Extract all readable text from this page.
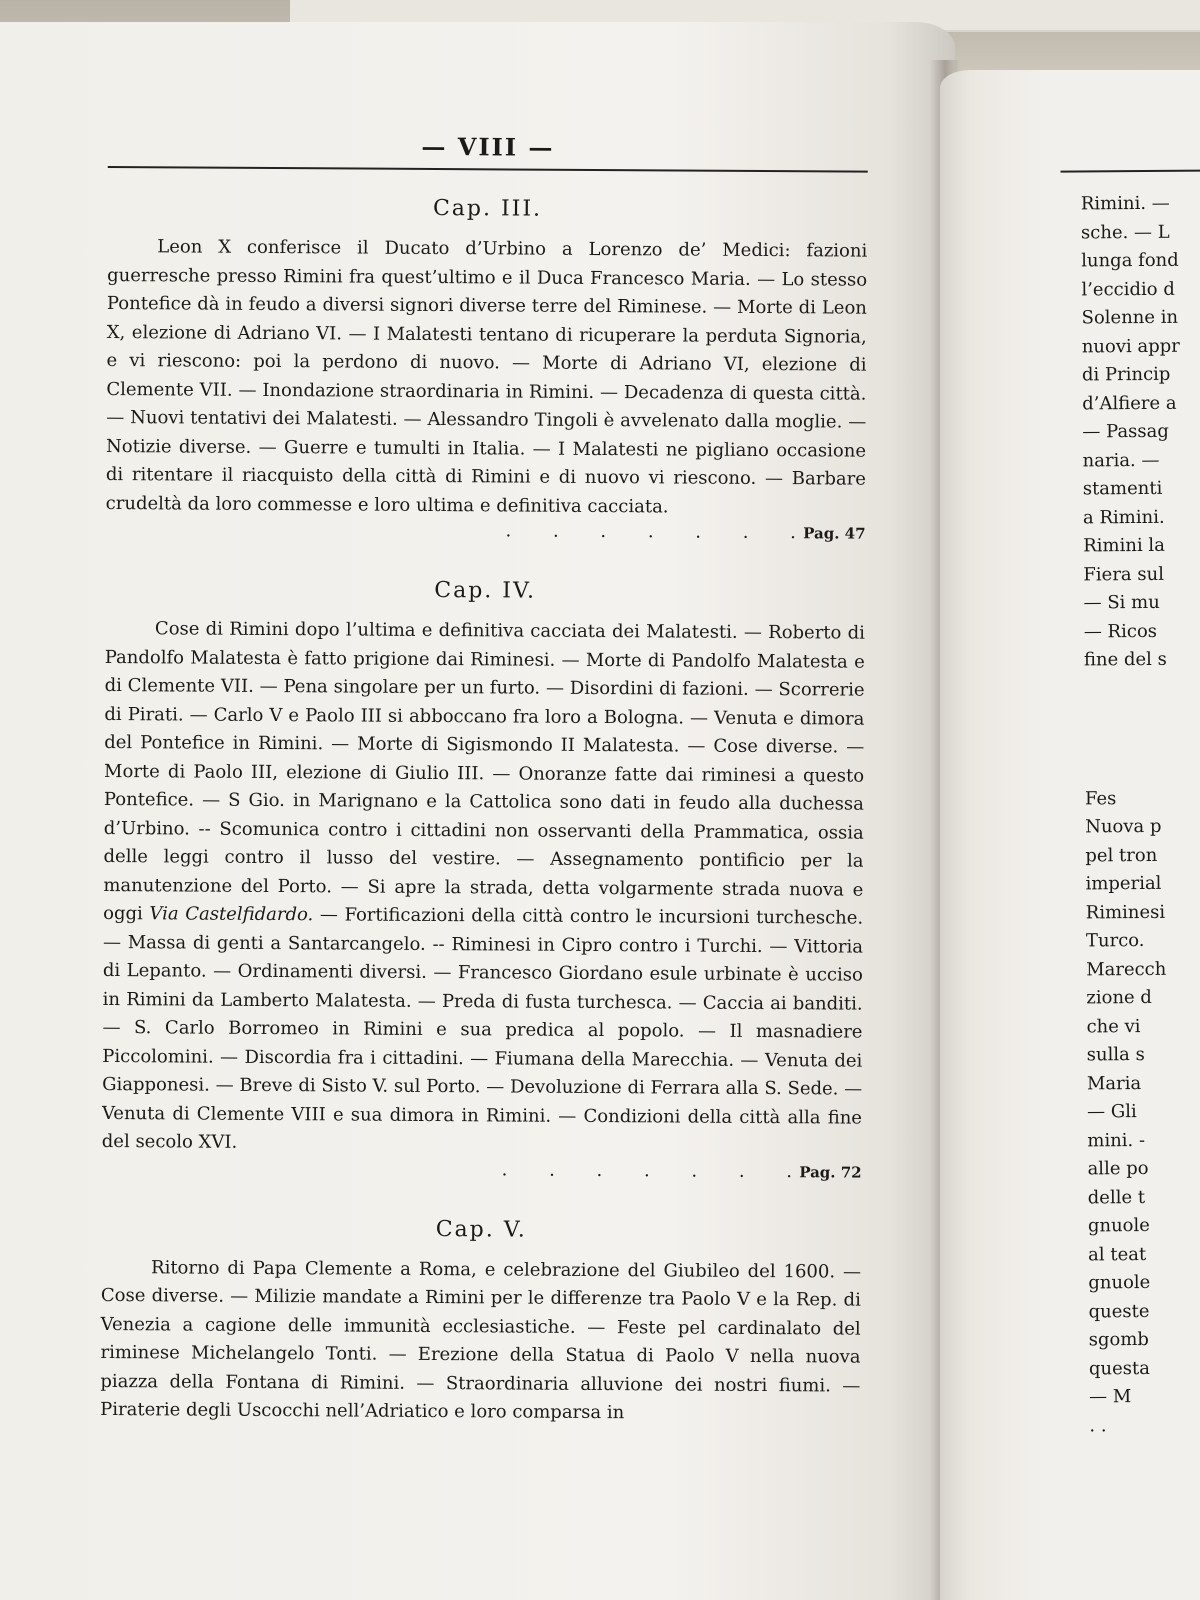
— VIII —
Cap. III.

Leon X conferisce il Ducato d’Urbino a Lorenzo de’ Medici: fazioni guerresche presso Rimini fra quest’ultimo e il Duca Francesco Maria. — Lo stesso Pontefice dà in feudo a diversi signori diverse terre del Riminese. — Morte di Leon X, elezione di Adriano VI. — I Malatesti tentano di ricuperare la perduta Signoria, e vi riescono: poi la perdono di nuovo. — Morte di Adriano VI, elezione di Clemente VII. — Inondazione straordinaria in Rimini. — Decadenza di questa città. — Nuovi tentativi dei Malatesti. — Alessandro Tingoli è avvelenato dalla moglie. — Notizie diverse. — Guerre e tumulti in Italia. — I Malatesti ne pigliano occasione di ritentare il riacquisto della città di Rimini e di nuovo vi riescono. — Barbare crudeltà da loro commesse e loro ultima e definitiva cacciata.

. . . . . . .
Pag. 47
Cap. IV.

Cose di Rimini dopo l’ultima e definitiva cacciata dei Malatesti. — Roberto di Pandolfo Malatesta è fatto prigione dai Riminesi. — Morte di Pandolfo Malatesta e di Clemente VII. — Pena singolare per un furto. — Disordini di fazioni. — Scorrerie di Pirati. — Carlo V e Paolo III si abboccano fra loro a Bologna. — Venuta e dimora del Pontefice in Rimini. — Morte di Sigismondo II Malatesta. — Cose diverse. — Morte di Paolo III, elezione di Giulio III. — Onoranze fatte dai riminesi a questo Pontefice. — S Gio. in Marignano e la Cattolica sono dati in feudo alla duchessa d’Urbino. -- Scomunica contro i cittadini non osservanti della Prammatica, ossia delle leggi contro il lusso del vestire. — Assegnamento pontificio per la manutenzione del Porto. — Si apre la strada, detta volgarmente strada nuova e oggi Via Castelfidardo. — Fortificazioni della città contro le incursioni turchesche. — Massa di genti a Santarcangelo. -- Riminesi in Cipro contro i Turchi. — Vittoria di Lepanto. — Ordinamenti diversi. — Francesco Giordano esule urbinate è ucciso in Rimini da Lamberto Malatesta. — Preda di fusta turchesca. — Caccia ai banditi. — S. Carlo Borromeo in Rimini e sua predica al popolo. — Il masnadiere Piccolomini. — Discordia fra i cittadini. — Fiumana della Marecchia. — Venuta dei Giapponesi. — Breve di Sisto V. sul Porto. — Devoluzione di Ferrara alla S. Sede. — Venuta di Clemente VIII e sua dimora in Rimini. — Condizioni della città alla fine del secolo XVI.

. . . . . . .
Pag. 72
Cap. V.

Ritorno di Papa Clemente a Roma, e celebrazione del Giubileo del 1600. — Cose diverse. — Milizie mandate a Rimini per le differenze tra Paolo V e la Rep. di Venezia a cagione delle immunità ecclesiastiche. — Feste pel cardinalato del riminese Michelangelo Tonti. — Erezione della Statua di Paolo V nella nuova piazza della Fontana di Rimini. — Straordinaria alluvione dei nostri fiumi. — Piraterie degli Uscocchi nell’Adriatico e loro comparsa in

Rimini. —
sche. — L
lunga fond
l’eccidio d
Solenne in
nuovi appr
di Princip
d’Alfiere a
— Passag
naria. —
stamenti
a Rimini.
Rimini la
Fiera sul
— Si mu
— Ricos
fine del s
Fes
Nuova p
pel tron
imperial
Riminesi
Turco.
Marecch
zione d
che vi
sulla s
Maria
— Gli
mini. -
alle po
delle t
gnuole
al teat
gnuole
queste
sgomb
questa
— M
. .
